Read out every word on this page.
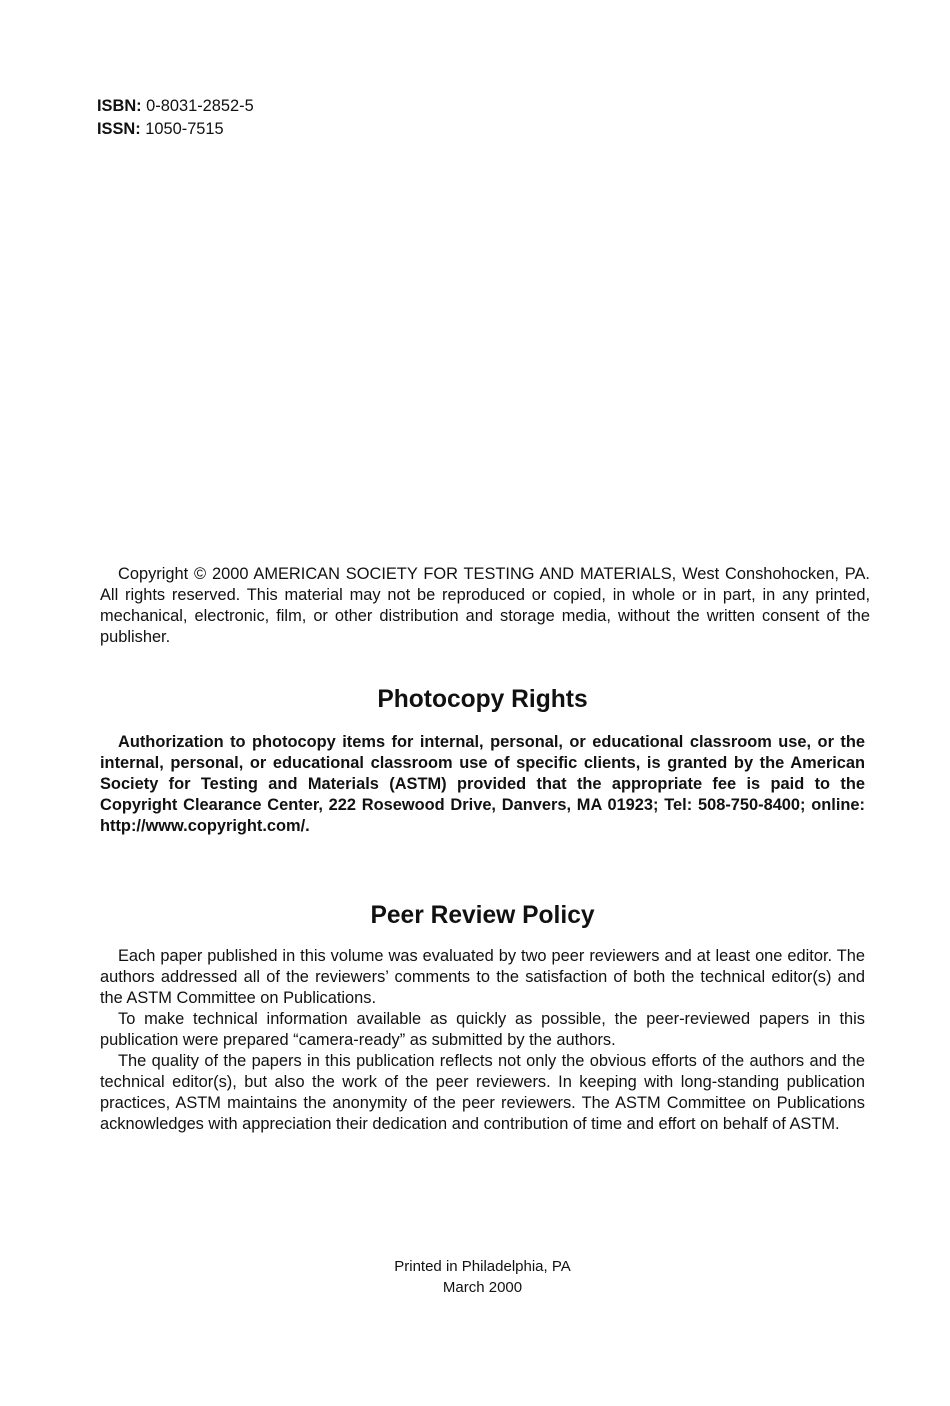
ISBN: 0-8031-2852-5

ISSN: 1050-7515

Copyright © 2000 AMERICAN SOCIETY FOR TESTING AND MATERIALS, West Conshohocken, PA. All rights reserved. This material may not be reproduced or copied, in whole or in part, in any printed, mechanical, electronic, film, or other distribution and storage media, without the written consent of the publisher.

Photocopy Rights

Authorization to photocopy items for internal, personal, or educational classroom use, or the internal, personal, or educational classroom use of specific clients, is granted by the American Society for Testing and Materials (ASTM) provided that the appropriate fee is paid to the Copyright Clearance Center, 222 Rosewood Drive, Danvers, MA 01923; Tel: 508-750-8400; online: http://www.copyright.com/.

Peer Review Policy

Each paper published in this volume was evaluated by two peer reviewers and at least one editor. The authors addressed all of the reviewers’ comments to the satisfaction of both the technical editor(s) and the ASTM Committee on Publications.

To make technical information available as quickly as possible, the peer-reviewed papers in this publication were prepared “camera-ready” as submitted by the authors.

The quality of the papers in this publication reflects not only the obvious efforts of the authors and the technical editor(s), but also the work of the peer reviewers. In keeping with long-standing publication practices, ASTM maintains the anonymity of the peer reviewers. The ASTM Committee on Publications acknowledges with appreciation their dedication and contribution of time and effort on behalf of ASTM.

Printed in Philadelphia, PA

March 2000
